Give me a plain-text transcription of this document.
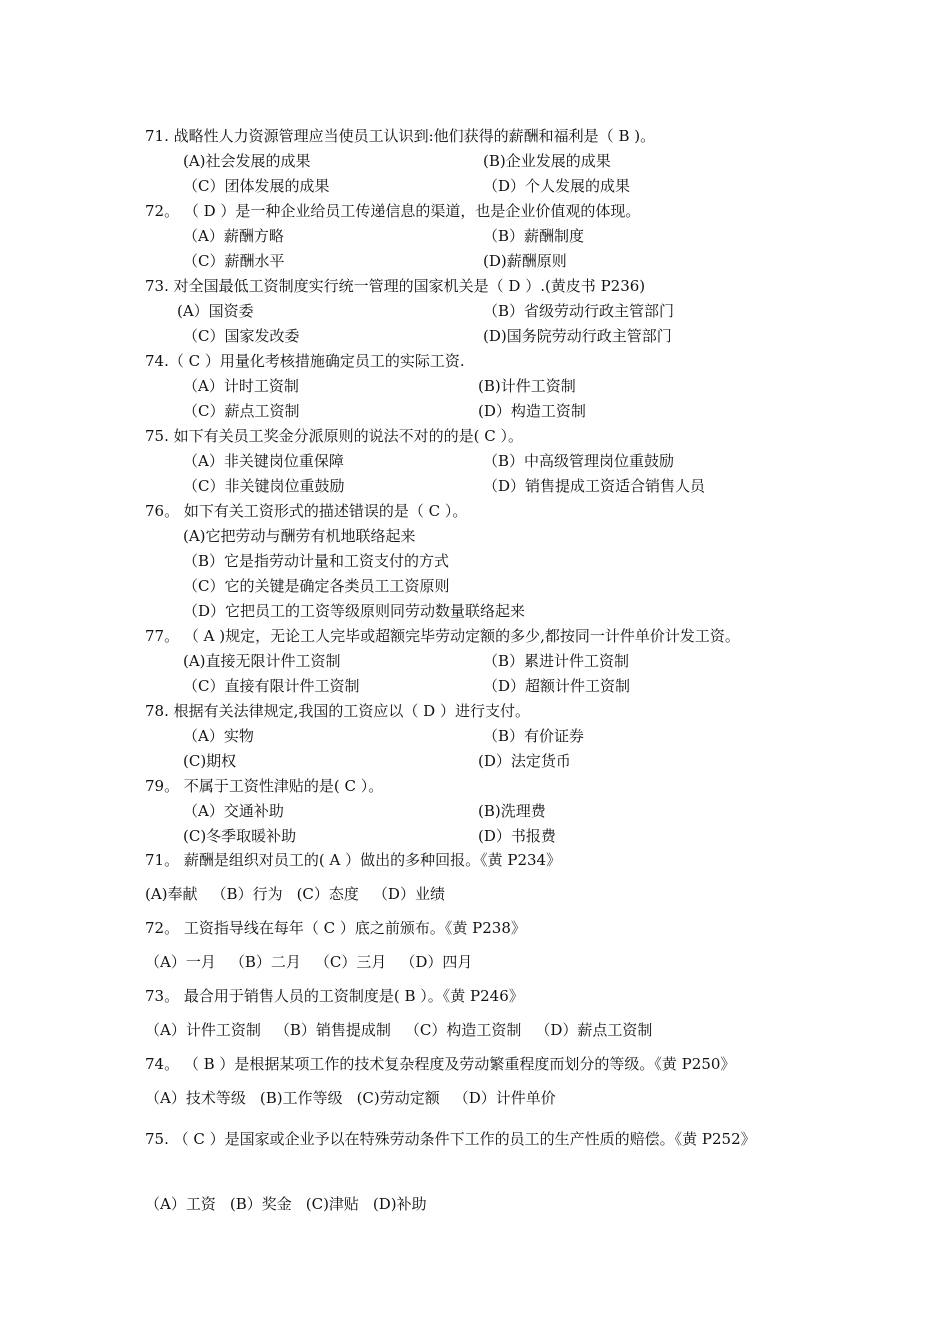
71. 战略性人力资源管理应当使员工认识到:他们获得的薪酬和福利是（ B )。
(A)社会发展的成果	(B)企业发展的成果
（C）团体发展的成果	（D）个人发展的成果
72。 （ D ）是一种企业给员工传递信息的渠道，也是企业价值观的体现。
（A）薪酬方略	（B）薪酬制度
（C）薪酬水平	(D)薪酬原则
73. 对全国最低工资制度实行统一管理的国家机关是（ D ）.(黄皮书 P236)
(A）国资委	（B）省级劳动行政主管部门
（C）国家发改委	(D)国务院劳动行政主管部门
74.（ C ）用量化考核措施确定员工的实际工资.
（A）计时工资制	(B)计件工资制
（C）薪点工资制	(D）构造工资制
75. 如下有关员工奖金分派原则的说法不对的的是( C ）。
（A）非关键岗位重保障	（B）中高级管理岗位重鼓励
（C）非关键岗位重鼓励	（D）销售提成工资适合销售人员
76。 如下有关工资形式的描述错误的是（ C ）。
(A)它把劳动与酬劳有机地联络起来
（B）它是指劳动计量和工资支付的方式
（C）它的关键是确定各类员工工资原则
（D）它把员工的工资等级原则同劳动数量联络起来
77。 （ A )规定，无论工人完毕或超额完毕劳动定额的多少,都按同一计件单价计发工资。
(A)直接无限计件工资制	（B）累进计件工资制
（C）直接有限计件工资制	（D）超额计件工资制
78. 根据有关法律规定,我国的工资应以（ D ）进行支付。
（A）实物	（B）有价证券
(C)期权	(D）法定货币
79。 不属于工资性津贴的是( C ）。
（A）交通补助	(B)洗理费
(C)冬季取暖补助	(D）书报费
71。 薪酬是组织对员工的( A ）做出的多种回报。《黄 P234》
(A)奉献 （B）行为 (C）态度 （D）业绩
72。 工资指导线在每年（ C ）底之前颁布。《黄 P238》
（A）一月 （B）二月 （C）三月 （D）四月
73。 最合用于销售人员的工资制度是( B ）。《黄 P246》
（A）计件工资制 （B）销售提成制 （C）构造工资制 （D）薪点工资制
74。 （ B ）是根据某项工作的技术复杂程度及劳动繁重程度而划分的等级。《黄 P250》
（A）技术等级 (B)工作等级 (C)劳动定额 （D）计件单价
75. （ C ）是国家或企业予以在特殊劳动条件下工作的员工的生产性质的赔偿。《黄 P252》
（A）工资 (B）奖金 (C)津贴 (D)补助
